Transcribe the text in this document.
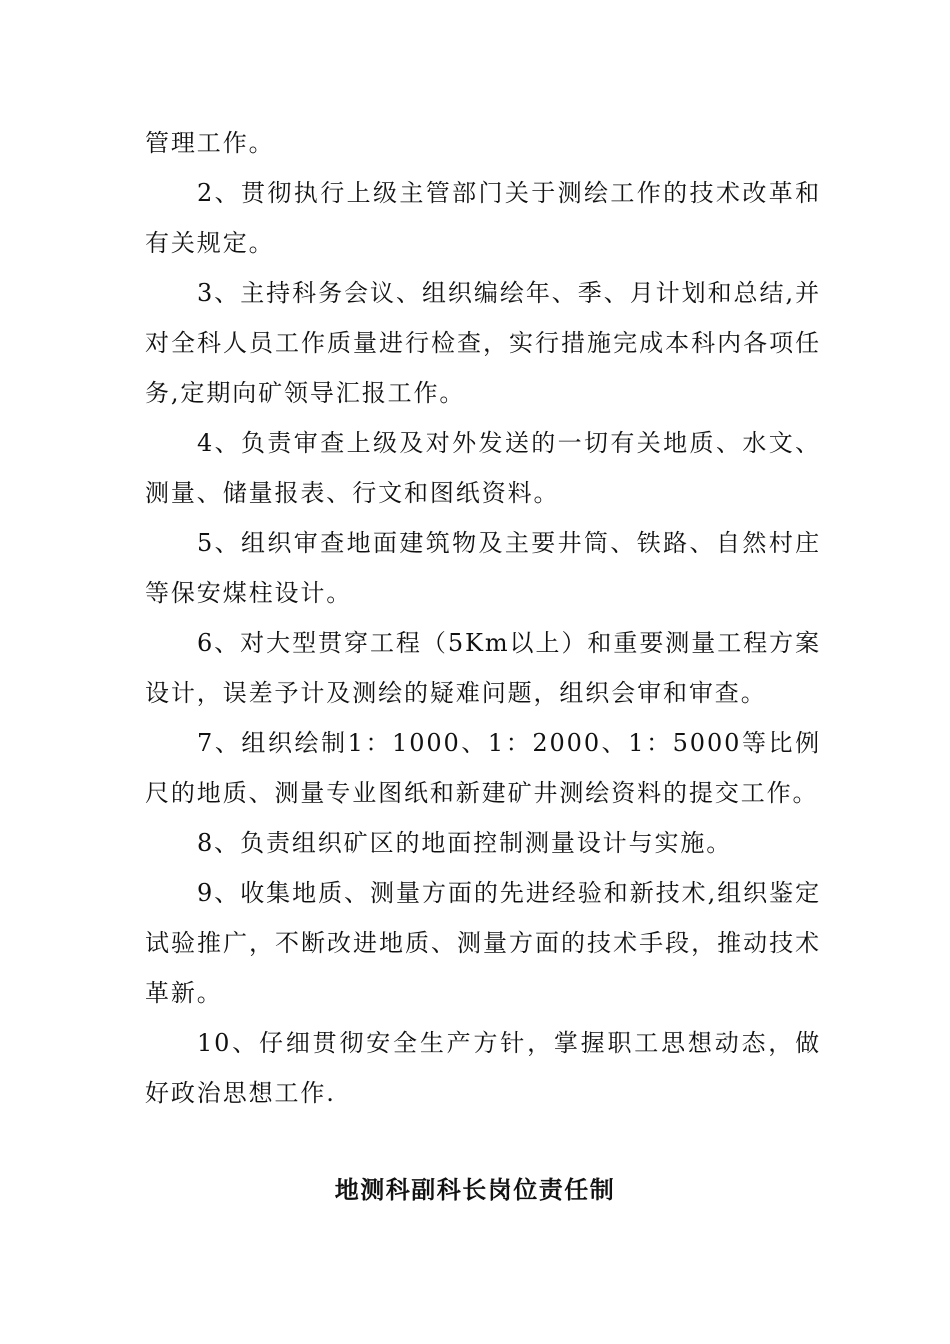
管理工作。

2、贯彻执行上级主管部门关于测绘工作的技术改革和有关规定。

3、主持科务会议、组织编绘年、季、月计划和总结,并对全科人员工作质量进行检查，实行措施完成本科内各项任务,定期向矿领导汇报工作。

4、负责审查上级及对外发送的一切有关地质、水文、测量、储量报表、行文和图纸资料。

5、组织审查地面建筑物及主要井筒、铁路、自然村庄等保安煤柱设计。

6、对大型贯穿工程（5Km以上）和重要测量工程方案设计，误差予计及测绘的疑难问题，组织会审和审查。

7、组织绘制1：1000、1：2000、1：5000等比例尺的地质、测量专业图纸和新建矿井测绘资料的提交工作。

8、负责组织矿区的地面控制测量设计与实施。

9、收集地质、测量方面的先进经验和新技术,组织鉴定试验推广，不断改进地质、测量方面的技术手段，推动技术革新。

10、仔细贯彻安全生产方针，掌握职工思想动态，做好政治思想工作.

地测科副科长岗位责任制
